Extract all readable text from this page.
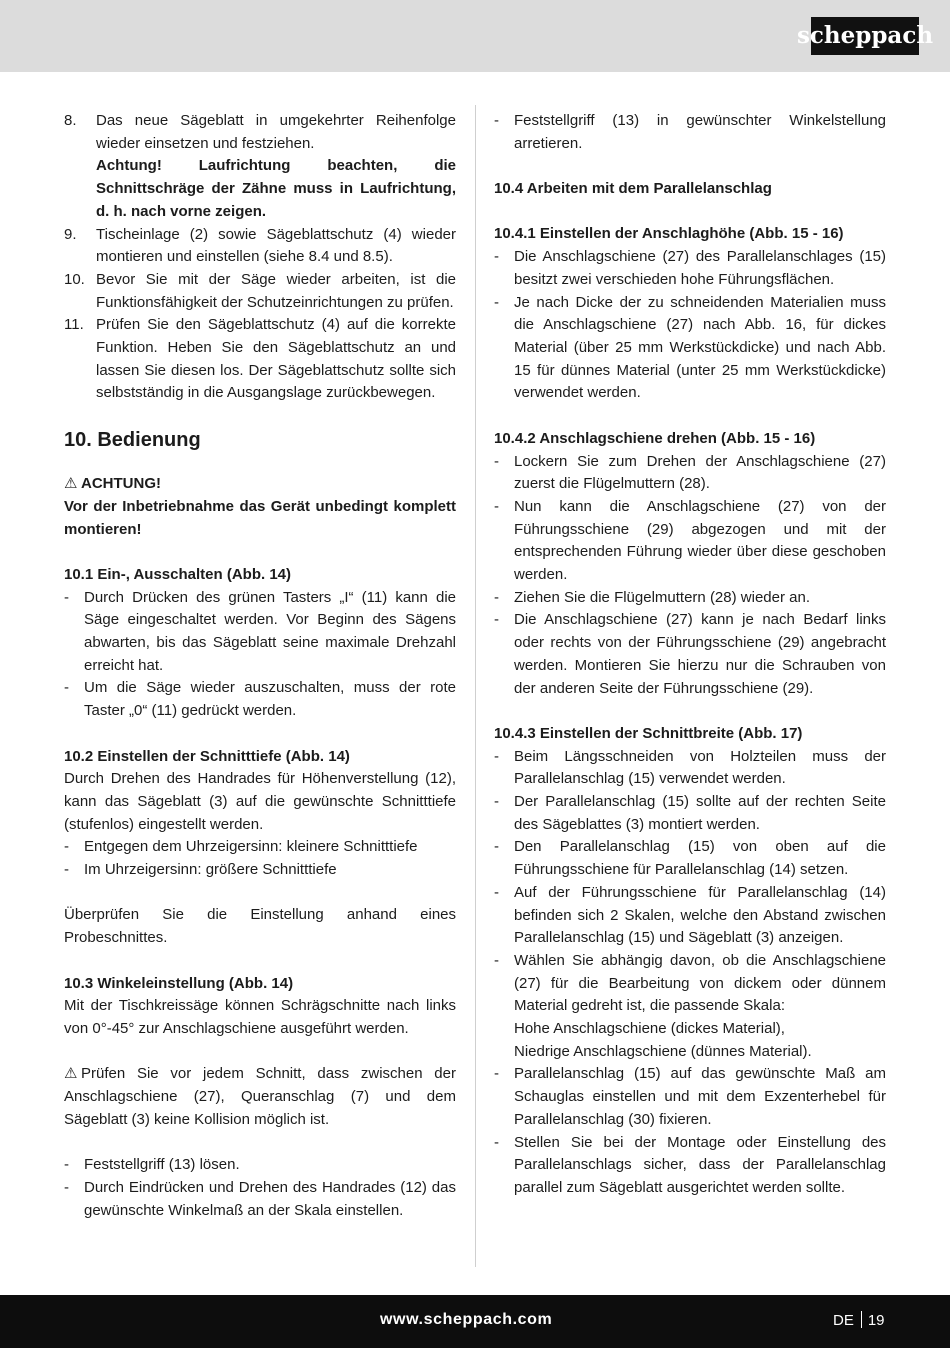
scheppach
8. Das neue Sägeblatt in umgekehrter Reihenfolge wieder einsetzen und festziehen.
Achtung! Laufrichtung beachten, die Schnittschräge der Zähne muss in Laufrichtung, d. h. nach vorne zeigen.
9. Tischeinlage (2) sowie Sägeblattschutz (4) wieder montieren und einstellen (siehe 8.4 und 8.5).
10. Bevor Sie mit der Säge wieder arbeiten, ist die Funktionsfähigkeit der Schutzeinrichtungen zu prüfen.
11. Prüfen Sie den Sägeblattschutz (4) auf die korrekte Funktion. Heben Sie den Sägeblattschutz an und lassen Sie diesen los. Der Sägeblattschutz sollte sich selbstständig in die Ausgangslage zurückbewegen.

10. Bedienung

⚠ ACHTUNG!

Vor der Inbetriebnahme das Gerät unbedingt komplett montieren!

10.1 Ein-, Ausschalten (Abb. 14)

- Durch Drücken des grünen Tasters „I“ (11) kann die Säge eingeschaltet werden. Vor Beginn des Sägens abwarten, bis das Sägeblatt seine maximale Drehzahl erreicht hat.
- Um die Säge wieder auszuschalten, muss der rote Taster „0“ (11) gedrückt werden.

10.2 Einstellen der Schnitttiefe (Abb. 14)

Durch Drehen des Handrades für Höhenverstellung (12), kann das Sägeblatt (3) auf die gewünschte Schnitttiefe (stufenlos) eingestellt werden.

- Entgegen dem Uhrzeigersinn: kleinere Schnitttiefe
- Im Uhrzeigersinn: größere Schnitttiefe

Überprüfen Sie die Einstellung anhand eines Probeschnittes.

10.3 Winkeleinstellung (Abb. 14)

Mit der Tischkreissäge können Schrägschnitte nach links von 0°-45° zur Anschlagschiene ausgeführt werden.

⚠ Prüfen Sie vor jedem Schnitt, dass zwischen der Anschlagschiene (27), Queranschlag (7) und dem Sägeblatt (3) keine Kollision möglich ist.

- Feststellgriff (13) lösen.
- Durch Eindrücken und Drehen des Handrades (12) das gewünschte Winkelmaß an der Skala einstellen.
- Feststellgriff (13) in gewünschter Winkelstellung arretieren.

10.4 Arbeiten mit dem Parallelanschlag

10.4.1 Einstellen der Anschlaghöhe (Abb. 15 - 16)

- Die Anschlagschiene (27) des Parallelanschlages (15) besitzt zwei verschieden hohe Führungsflächen.
- Je nach Dicke der zu schneidenden Materialien muss die Anschlagschiene (27) nach Abb. 16, für dickes Material (über 25 mm Werkstückdicke) und nach Abb. 15 für dünnes Material (unter 25 mm Werkstückdicke) verwendet werden.

10.4.2 Anschlagschiene drehen (Abb. 15 - 16)

- Lockern Sie zum Drehen der Anschlagschiene (27) zuerst die Flügelmuttern (28).
- Nun kann die Anschlagschiene (27) von der Führungsschiene (29) abgezogen und mit der entsprechenden Führung wieder über diese geschoben werden.
- Ziehen Sie die Flügelmuttern (28) wieder an.
- Die Anschlagschiene (27) kann je nach Bedarf links oder rechts von der Führungsschiene (29) angebracht werden. Montieren Sie hierzu nur die Schrauben von der anderen Seite der Führungsschiene (29).

10.4.3 Einstellen der Schnittbreite (Abb. 17)

- Beim Längsschneiden von Holzteilen muss der Parallelanschlag (15) verwendet werden.
- Der Parallelanschlag (15) sollte auf der rechten Seite des Sägeblattes (3) montiert werden.
- Den Parallelanschlag (15) von oben auf die Führungsschiene für Parallelanschlag (14) setzen.
- Auf der Führungsschiene für Parallelanschlag (14) befinden sich 2 Skalen, welche den Abstand zwischen Parallelanschlag (15) und Sägeblatt (3) anzeigen.
- Wählen Sie abhängig davon, ob die Anschlagschiene (27) für die Bearbeitung von dickem oder dünnem Material gedreht ist, die passende Skala:
Hohe Anschlagschiene (dickes Material),
Niedrige Anschlagschiene (dünnes Material).
- Parallelanschlag (15) auf das gewünschte Maß am Schauglas einstellen und mit dem Exzenterhebel für Parallelanschlag (30) fixieren.
- Stellen Sie bei der Montage oder Einstellung des Parallelanschlags sicher, dass der Parallelanschlag parallel zum Sägeblatt ausgerichtet werden sollte.
www.scheppach.com	DE 19
